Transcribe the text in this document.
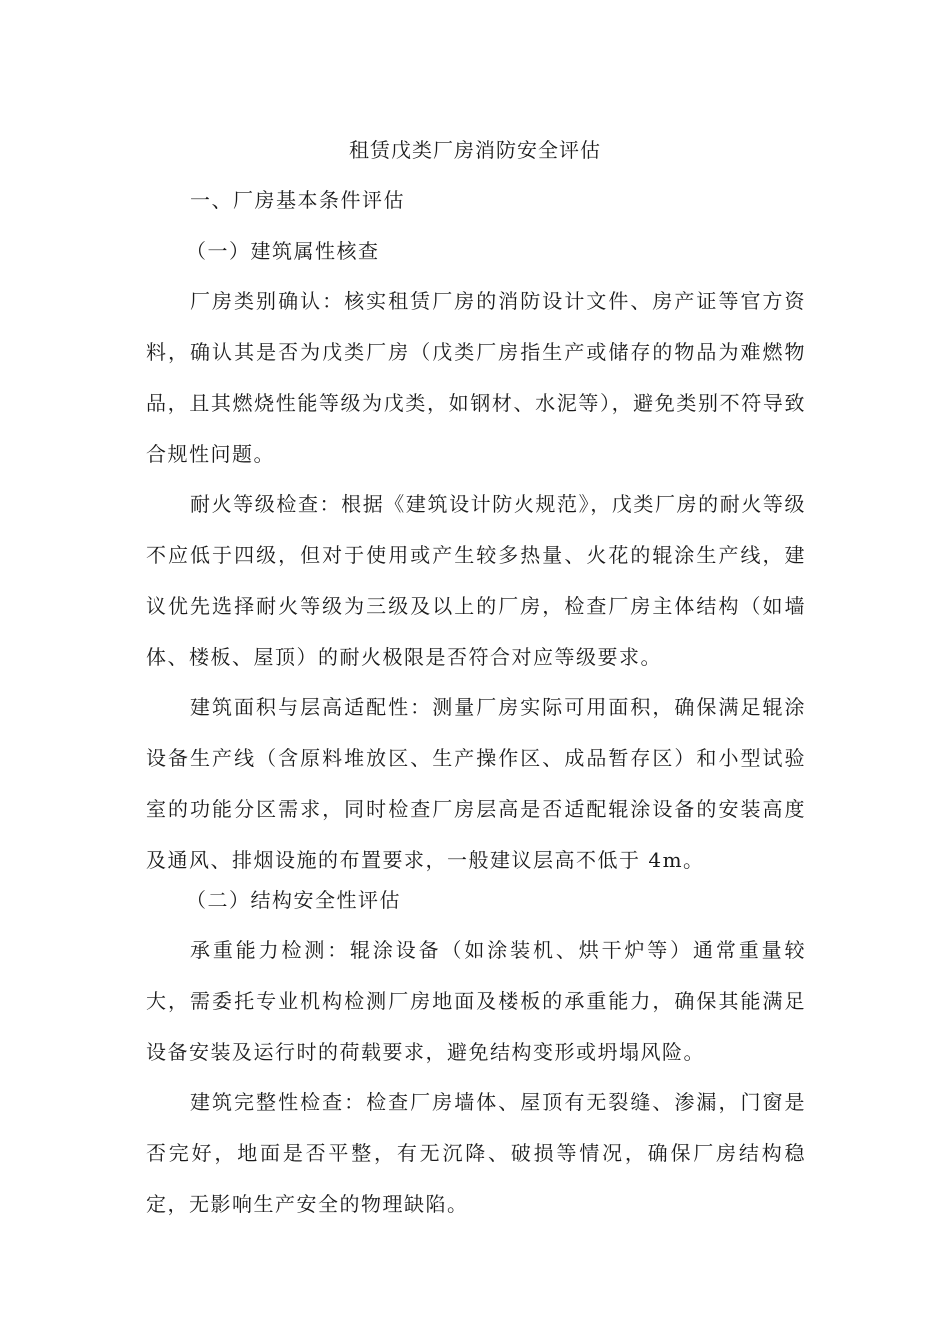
租赁戊类厂房消防安全评估
一、厂房基本条件评估
（一）建筑属性核查

厂房类别确认：核实租赁厂房的消防设计文件、房产证等官方资料，确认其是否为戊类厂房（戊类厂房指生产或储存的物品为难燃物品，且其燃烧性能等级为戊类，如钢材、水泥等），避免类别不符导致合规性问题。

耐火等级检查：根据《建筑设计防火规范》，戊类厂房的耐火等级不应低于四级，但对于使用或产生较多热量、火花的辊涂生产线，建议优先选择耐火等级为三级及以上的厂房，检查厂房主体结构（如墙体、楼板、屋顶）的耐火极限是否符合对应等级要求。

建筑面积与层高适配性：测量厂房实际可用面积，确保满足辊涂设备生产线（含原料堆放区、生产操作区、成品暂存区）和小型试验室的功能分区需求，同时检查厂房层高是否适配辊涂设备的安装高度及通风、排烟设施的布置要求，一般建议层高不低于 4m。

（二）结构安全性评估

承重能力检测：辊涂设备（如涂装机、烘干炉等）通常重量较大，需委托专业机构检测厂房地面及楼板的承重能力，确保其能满足设备安装及运行时的荷载要求，避免结构变形或坍塌风险。

建筑完整性检查：检查厂房墙体、屋顶有无裂缝、渗漏，门窗是否完好，地面是否平整，有无沉降、破损等情况，确保厂房结构稳定，无影响生产安全的物理缺陷。
